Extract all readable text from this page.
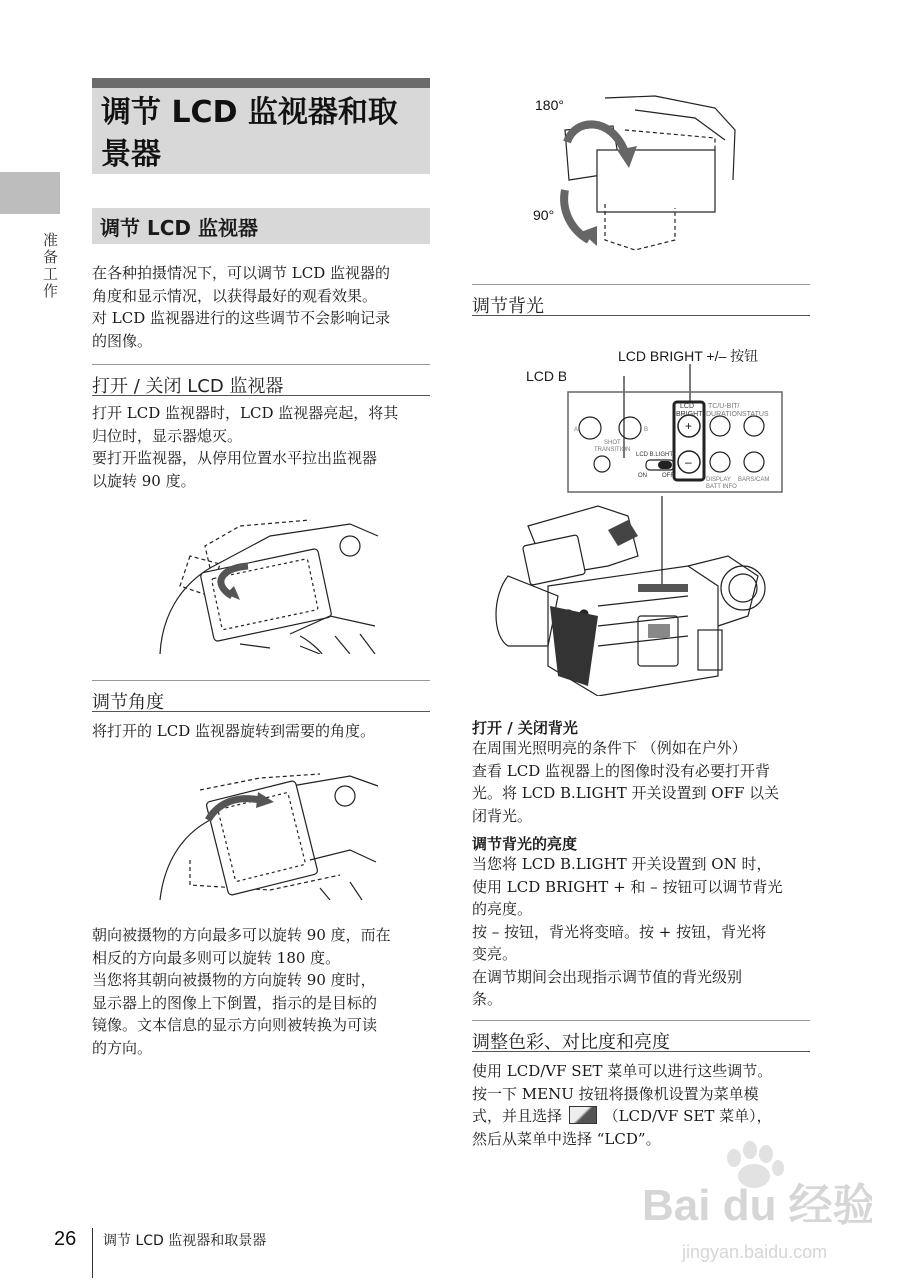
准备工作
调节 LCD 监视器和取景器
调节 LCD 监视器
在各种拍摄情况下，可以调节 LCD 监视器的
角度和显示情况，以获得最好的观看效果。
对 LCD 监视器进行的这些调节不会影响记录
的图像。
打开 / 关闭 LCD 监视器
打开 LCD 监视器时，LCD 监视器亮起，将其
归位时，显示器熄灭。
要打开监视器，从停用位置水平拉出监视器
以旋转 90 度。
调节角度
将打开的 LCD 监视器旋转到需要的角度。
朝向被摄物的方向最多可以旋转 90 度，而在
相反的方向最多则可以旋转 180 度。
当您将其朝向被摄物的方向旋转 90 度时，
显示器上的图像上下倒置，指示的是目标的
镜像。文本信息的显示方向则被转换为可读
的方向。
180°
90°
调节背光
LCD BRIGHT +/– 按钮
LCD B.LIGHT 开关
LCD
BRIGHT
TC/U-BIT/
DURATION STATUS
A	B
SHOT
TRANSITION
LCD B.LIGHT
ON	OFF
DISPLAY
BATT INFO
BARS/CAM
+
–
打开 / 关闭背光
在周围光照明亮的条件下 （例如在户外）
查看 LCD 监视器上的图像时没有必要打开背
光。将 LCD B.LIGHT 开关设置到 OFF 以关
闭背光。
调节背光的亮度
当您将 LCD B.LIGHT 开关设置到 ON 时，
使用 LCD BRIGHT + 和 – 按钮可以调节背光
的亮度。
按 – 按钮，背光将变暗。按 + 按钮，背光将
变亮。
在调节期间会出现指示调节值的背光级别
条。
调整色彩、对比度和亮度
使用 LCD/VF SET 菜单可以进行这些调节。
按一下 MENU 按钮将摄像机设置为菜单模
式，并且选择	（LCD/VF SET 菜单），
然后从菜单中选择 “LCD”。
26 调节 LCD 监视器和取景器
Bai du 经验
jingyan.baidu.com
